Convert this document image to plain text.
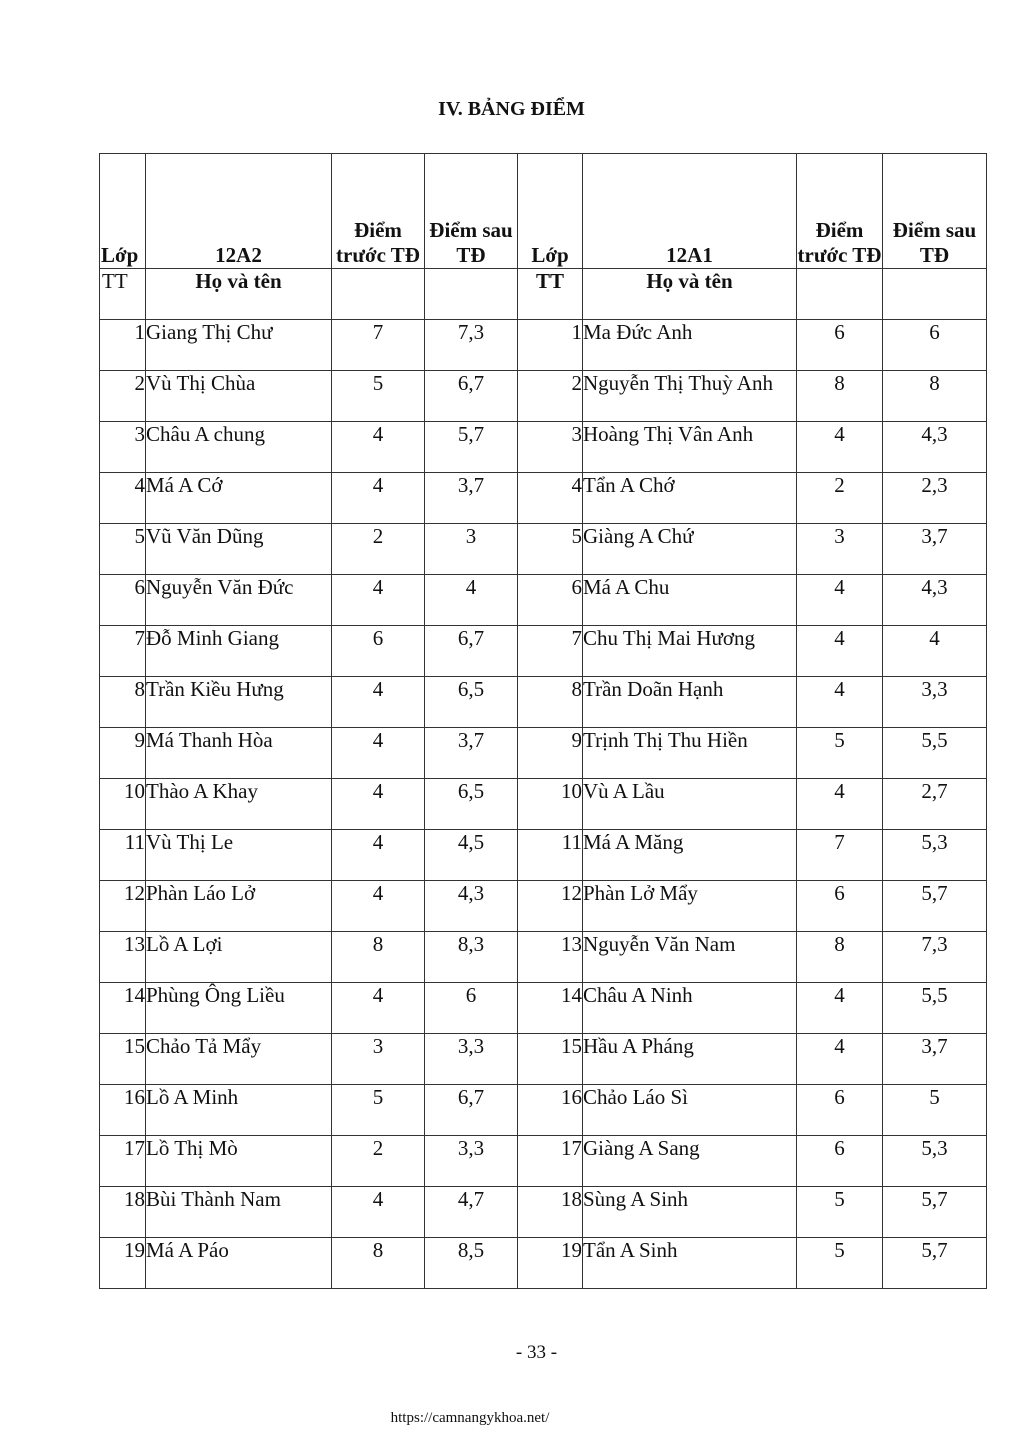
IV. BẢNG ĐIỂM
Lớp	12A2	Điểm trước TĐ	Điểm sau TĐ	Lớp	12A1	Điểm trước TĐ	Điểm sau TĐ
TT	Họ và tên			TT	Họ và tên		
1	Giang Thị Chư	7	7,3	1	Ma Đức Anh	6	6
2	Vù Thị Chùa	5	6,7	2	Nguyễn Thị Thuỳ Anh	8	8
3	Châu A chung	4	5,7	3	Hoàng Thị Vân Anh	4	4,3
4	Má A Cớ	4	3,7	4	Tẩn A Chớ	2	2,3
5	Vũ Văn Dũng	2	3	5	Giàng A Chứ	3	3,7
6	Nguyễn Văn Đức	4	4	6	Má A Chu	4	4,3
7	Đỗ Minh Giang	6	6,7	7	Chu Thị Mai Hương	4	4
8	Trần Kiều Hưng	4	6,5	8	Trần Doãn Hạnh	4	3,3
9	Má Thanh Hòa	4	3,7	9	Trịnh Thị Thu Hiền	5	5,5
10	Thào A Khay	4	6,5	10	Vù A Lầu	4	2,7
11	Vù Thị Le	4	4,5	11	Má A Măng	7	5,3
12	Phàn Láo Lở	4	4,3	12	Phàn Lở Mẩy	6	5,7
13	Lồ A Lợi	8	8,3	13	Nguyễn Văn Nam	8	7,3
14	Phùng Ông Liều	4	6	14	Châu A Ninh	4	5,5
15	Chảo Tả Mẩy	3	3,3	15	Hầu A Pháng	4	3,7
16	Lồ A Minh	5	6,7	16	Chảo Láo Sì	6	5
17	Lồ Thị Mò	2	3,3	17	Giàng A Sang	6	5,3
18	Bùi Thành Nam	4	4,7	18	Sùng A Sinh	5	5,7
19	Má A Páo	8	8,5	19	Tẩn A Sinh	5	5,7
- 33 -
https://camnangykhoa.net/
